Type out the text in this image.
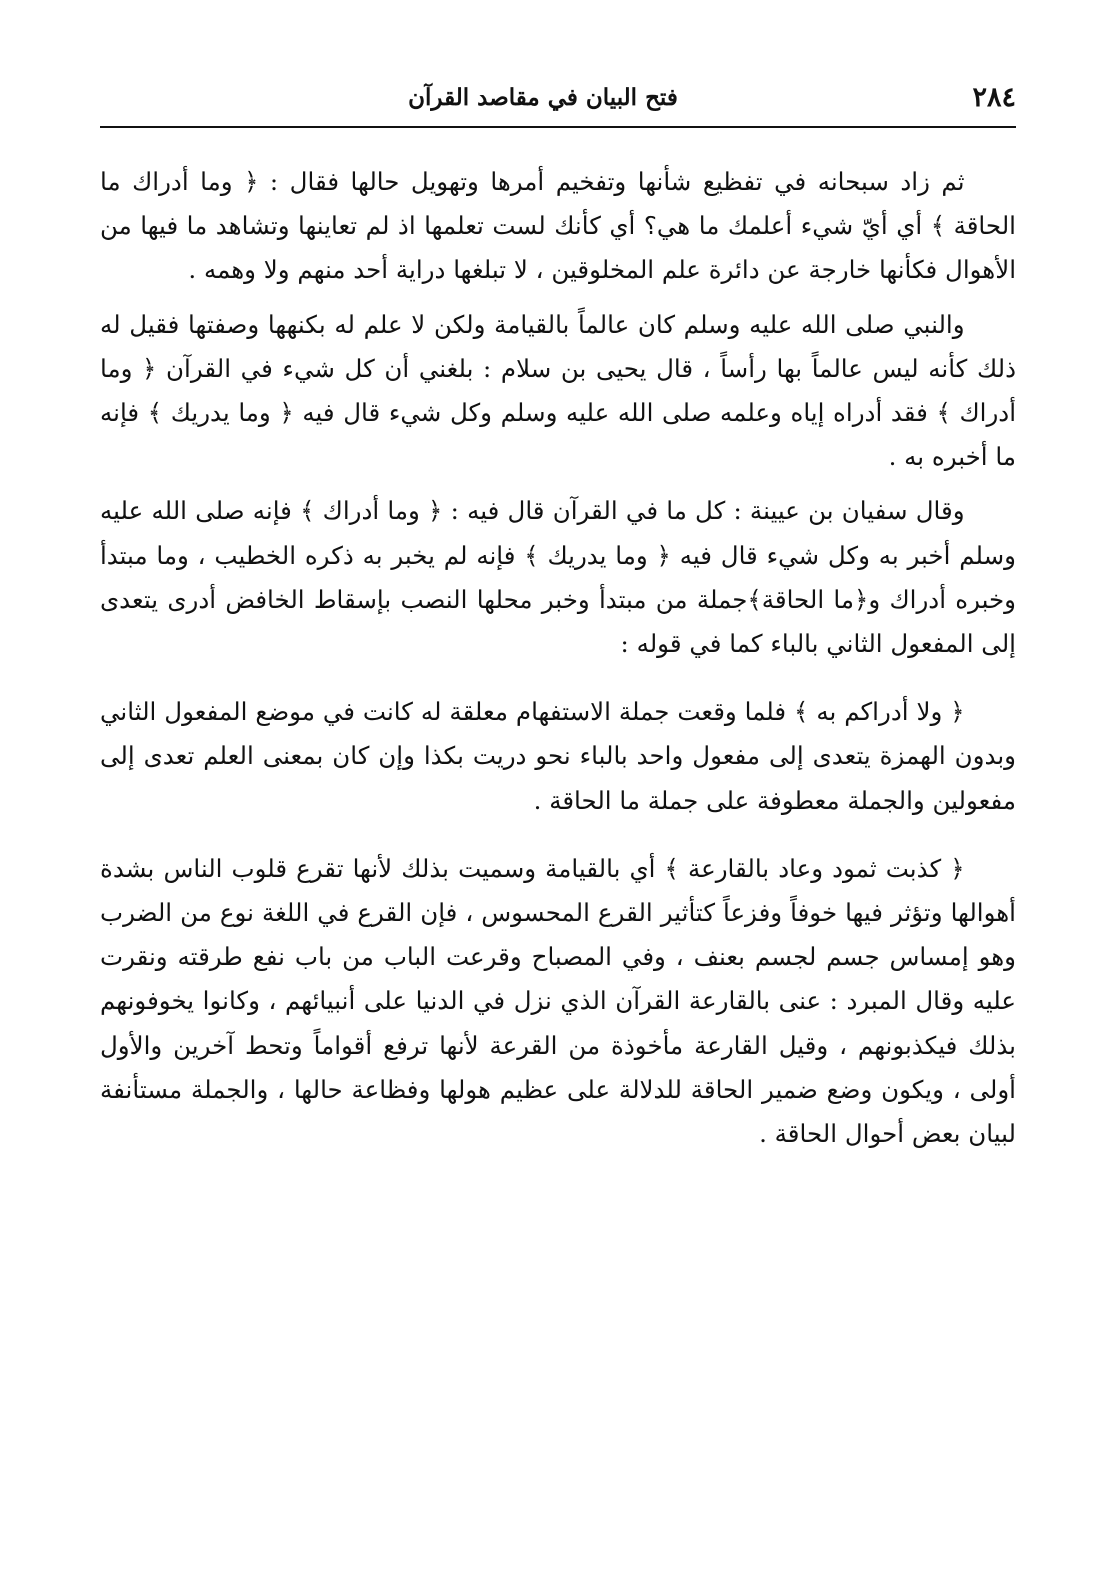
٢٨٤
فتح البيان في مقاصد القرآن

ثم زاد سبحانه في تفظيع شأنها وتفخيم أمرها وتهويل حالها فقال : ﴿ وما أدراك ما الحاقة ﴾ أي أيّ شيء أعلمك ما هي؟ أي كأنك لست تعلمها اذ لم تعاينها وتشاهد ما فيها من الأهوال فكأنها خارجة عن دائرة علم المخلوقين ، لا تبلغها دراية أحد منهم ولا وهمه .

والنبي صلى الله عليه وسلم كان عالماً بالقيامة ولكن لا علم له بكنهها وصفتها فقيل له ذلك كأنه ليس عالماً بها رأساً ، قال يحيى بن سلام : بلغني أن كل شيء في القرآن ﴿ وما أدراك ﴾ فقد أدراه إياه وعلمه صلى الله عليه وسلم وكل شيء قال فيه ﴿ وما يدريك ﴾ فإنه ما أخبره به .

وقال سفيان بن عيينة : كل ما في القرآن قال فيه : ﴿ وما أدراك ﴾ فإنه صلى الله عليه وسلم أخبر به وكل شيء قال فيه ﴿ وما يدريك ﴾ فإنه لم يخبر به ذكره الخطيب ، وما مبتدأ وخبره أدراك و﴿ما الحاقة﴾جملة من مبتدأ وخبر محلها النصب بإسقاط الخافض أدرى يتعدى إلى المفعول الثاني بالباء كما في قوله :

﴿ ولا أدراكم به ﴾ فلما وقعت جملة الاستفهام معلقة له كانت في موضع المفعول الثاني وبدون الهمزة يتعدى إلى مفعول واحد بالباء نحو دريت بكذا وإن كان بمعنى العلم تعدى إلى مفعولين والجملة معطوفة على جملة ما الحاقة .

﴿ كذبت ثمود وعاد بالقارعة ﴾ أي بالقيامة وسميت بذلك لأنها تقرع قلوب الناس بشدة أهوالها وتؤثر فيها خوفاً وفزعاً كتأثير القرع المحسوس ، فإن القرع في اللغة نوع من الضرب وهو إمساس جسم لجسم بعنف ، وفي المصباح وقرعت الباب من باب نفع طرقته ونقرت عليه وقال المبرد : عنى بالقارعة القرآن الذي نزل في الدنيا على أنبيائهم ، وكانوا يخوفونهم بذلك فيكذبونهم ، وقيل القارعة مأخوذة من القرعة لأنها ترفع أقواماً وتحط آخرين والأول أولى ، ويكون وضع ضمير الحاقة للدلالة على عظيم هولها وفظاعة حالها ، والجملة مستأنفة لبيان بعض أحوال الحاقة .
